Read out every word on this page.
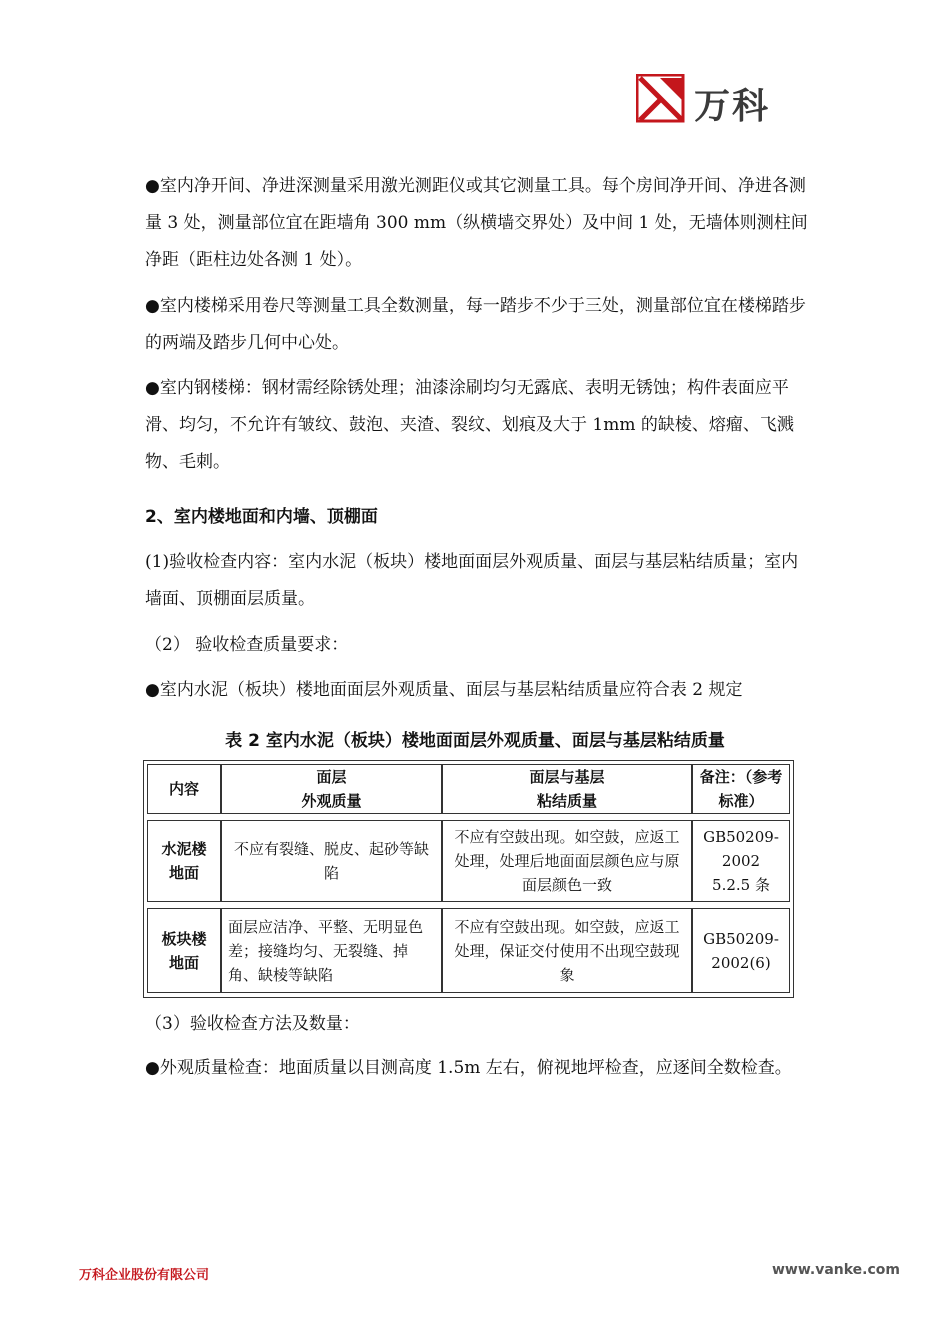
万科

●室内净开间、净进深测量采用激光测距仪或其它测量工具。每个房间净开间、净进各测量 3 处，测量部位宜在距墙角 300 mm（纵横墙交界处）及中间 1 处，无墙体则测柱间净距（距柱边处各测 1 处）。

●室内楼梯采用卷尺等测量工具全数测量，每一踏步不少于三处，测量部位宜在楼梯踏步的两端及踏步几何中心处。

●室内钢楼梯：钢材需经除锈处理；油漆涂刷均匀无露底、表明无锈蚀；构件表面应平滑、均匀，不允许有皱纹、鼓泡、夹渣、裂纹、划痕及大于 1mm 的缺棱、熔瘤、飞溅物、毛刺。

2、室内楼地面和内墙、顶棚面

(1)验收检查内容：室内水泥（板块）楼地面面层外观质量、面层与基层粘结质量；室内墙面、顶棚面层质量。

（2） 验收检查质量要求：

●室内水泥（板块）楼地面面层外观质量、面层与基层粘结质量应符合表 2 规定

表 2 室内水泥（板块）楼地面面层外观质量、面层与基层粘结质量
内容
面层
外观质量
面层与基层
粘结质量
备注：（参考标准）
水泥楼地面
不应有裂缝、脱皮、起砂等缺陷
不应有空鼓出现。如空鼓，应返工处理，处理后地面面层颜色应与原面层颜色一致
GB50209-2002 5.2.5 条
板块楼地面
面层应洁净、平整、无明显色差；接缝均匀、无裂缝、掉角、缺棱等缺陷
不应有空鼓出现。如空鼓，应返工处理，保证交付使用不出现空鼓现象
GB50209-2002(6)

（3）验收检查方法及数量：

●外观质量检查：地面质量以目测高度 1.5m 左右，俯视地坪检查，应逐间全数检查。

万科企业股份有限公司	www.vanke.com
